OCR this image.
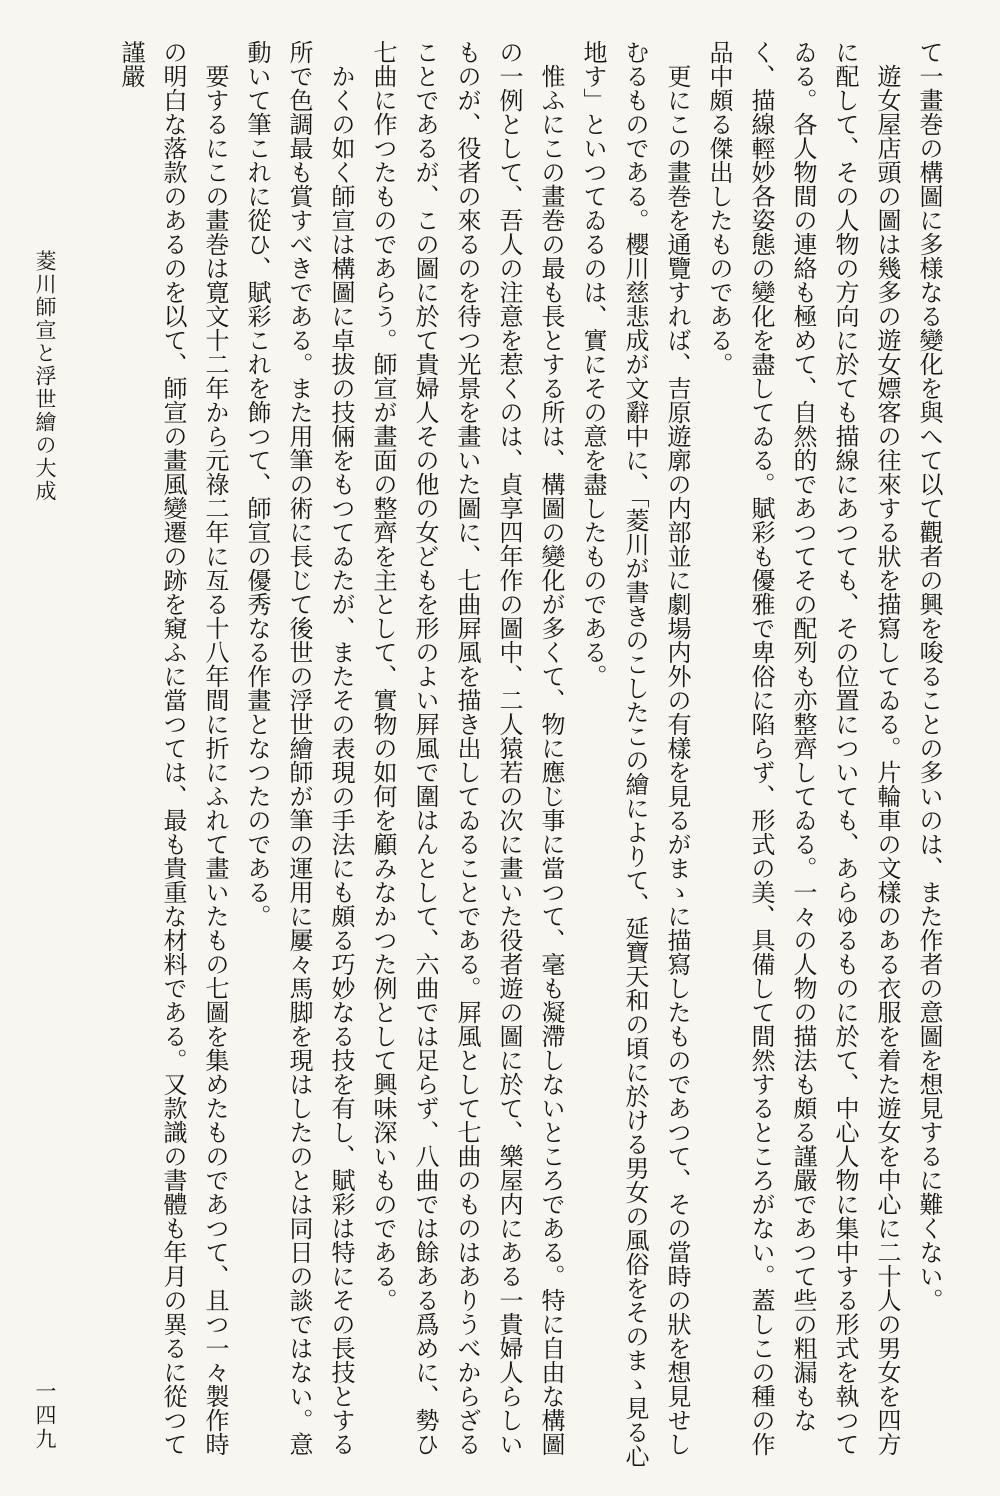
て一畫巻の構圖に多様なる變化を與へて以て觀者の興を唆ることの多いのは、また作者の意圖を想見するに難くない。

遊女屋店頭の圖は幾多の遊女嫖客の往來する狀を描寫してゐる。片輪車の文樣のある衣服を着た遊女を中心に二十人の男女を四方に配して、その人物の方向に於ても描線にあつても、その位置についても、あらゆるものに於て、中心人物に集中する形式を執つてゐる。各人物間の連絡も極めて、自然的であつてその配列も亦整齊してゐる。一々の人物の描法も頗る謹嚴であつて些の粗漏もなく、描線輕妙各姿態の變化を盡してゐる。賦彩も優雅で卑俗に陷らず、形式の美、具備して間然するところがない。蓋しこの種の作品中頗る傑出したものである。

更にこの畫巻を通覽すれば、吉原遊廓の内部並に劇場内外の有樣を見るがまゝに描寫したものであつて、その當時の狀を想見せしむるものである。櫻川慈悲成が文辭中に、「菱川が書きのこしたこの繪によりて、延寶天和の頃に於ける男女の風俗をそのまゝ見る心地す」といつてゐるのは、實にその意を盡したものである。

惟ふにこの畫巻の最も長とする所は、構圖の變化が多くて、物に應じ事に當つて、毫も凝滯しないところである。特に自由な構圖の一例として、吾人の注意を惹くのは、貞享四年作の圖中、二人猿若の次に畫いた役者遊の圖に於て、樂屋内にある一貴婦人らしいものが、役者の來るのを待つ光景を畫いた圖に、七曲屛風を描き出してゐることである。屛風として七曲のものはありうべからざることであるが、この圖に於て貴婦人その他の女どもを形のよい屛風で圍はんとして、六曲では足らず、八曲では餘ある爲めに、勢ひ七曲に作つたものであらう。師宣が畫面の整齊を主として、實物の如何を顧みなかつた例として興味深いものである。

かくの如く師宣は構圖に卓拔の技倆をもつてゐたが、またその表現の手法にも頗る巧妙なる技を有し、賦彩は特にその長技とする所で色調最も賞すべきである。また用筆の術に長じて後世の浮世繪師が筆の運用に屢々馬脚を現はしたのとは同日の談ではない。意動いて筆これに從ひ、賦彩これを飾つて、師宣の優秀なる作畫となつたのである。

要するにこの畫巻は寛文十二年から元祿二年に亙る十八年間に折にふれて畫いたもの七圖を集めたものであつて、且つ一々製作時の明白な落款のあるのを以て、師宣の畫風變遷の跡を窺ふに當つては、最も貴重な材料である。又款識の書體も年月の異るに從つて謹嚴

菱川師宣と浮世繪の大成
一四九
